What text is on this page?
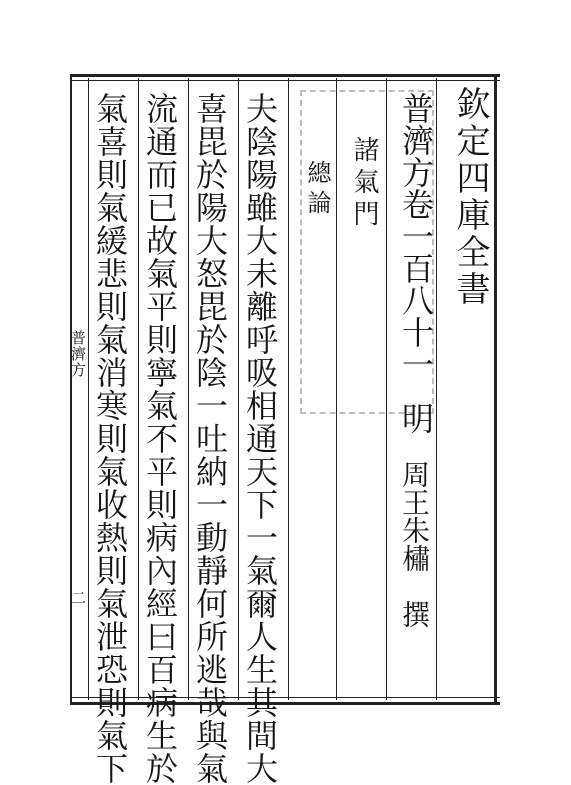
欽定四庫全書
普濟方卷一百八十一
明
周王朱橚　撰
諸氣門
總論
夫陰陽雖大未離呼吸相通天下一氣爾人生其間大
喜毘於陽大怒毘於陰一吐納一動靜何所逃哉與氣
流通而已故氣平則寧氣不平則病內經曰百病生於
氣喜則氣緩悲則氣消寒則氣收熱則氣泄恐則氣下
普濟方
二
